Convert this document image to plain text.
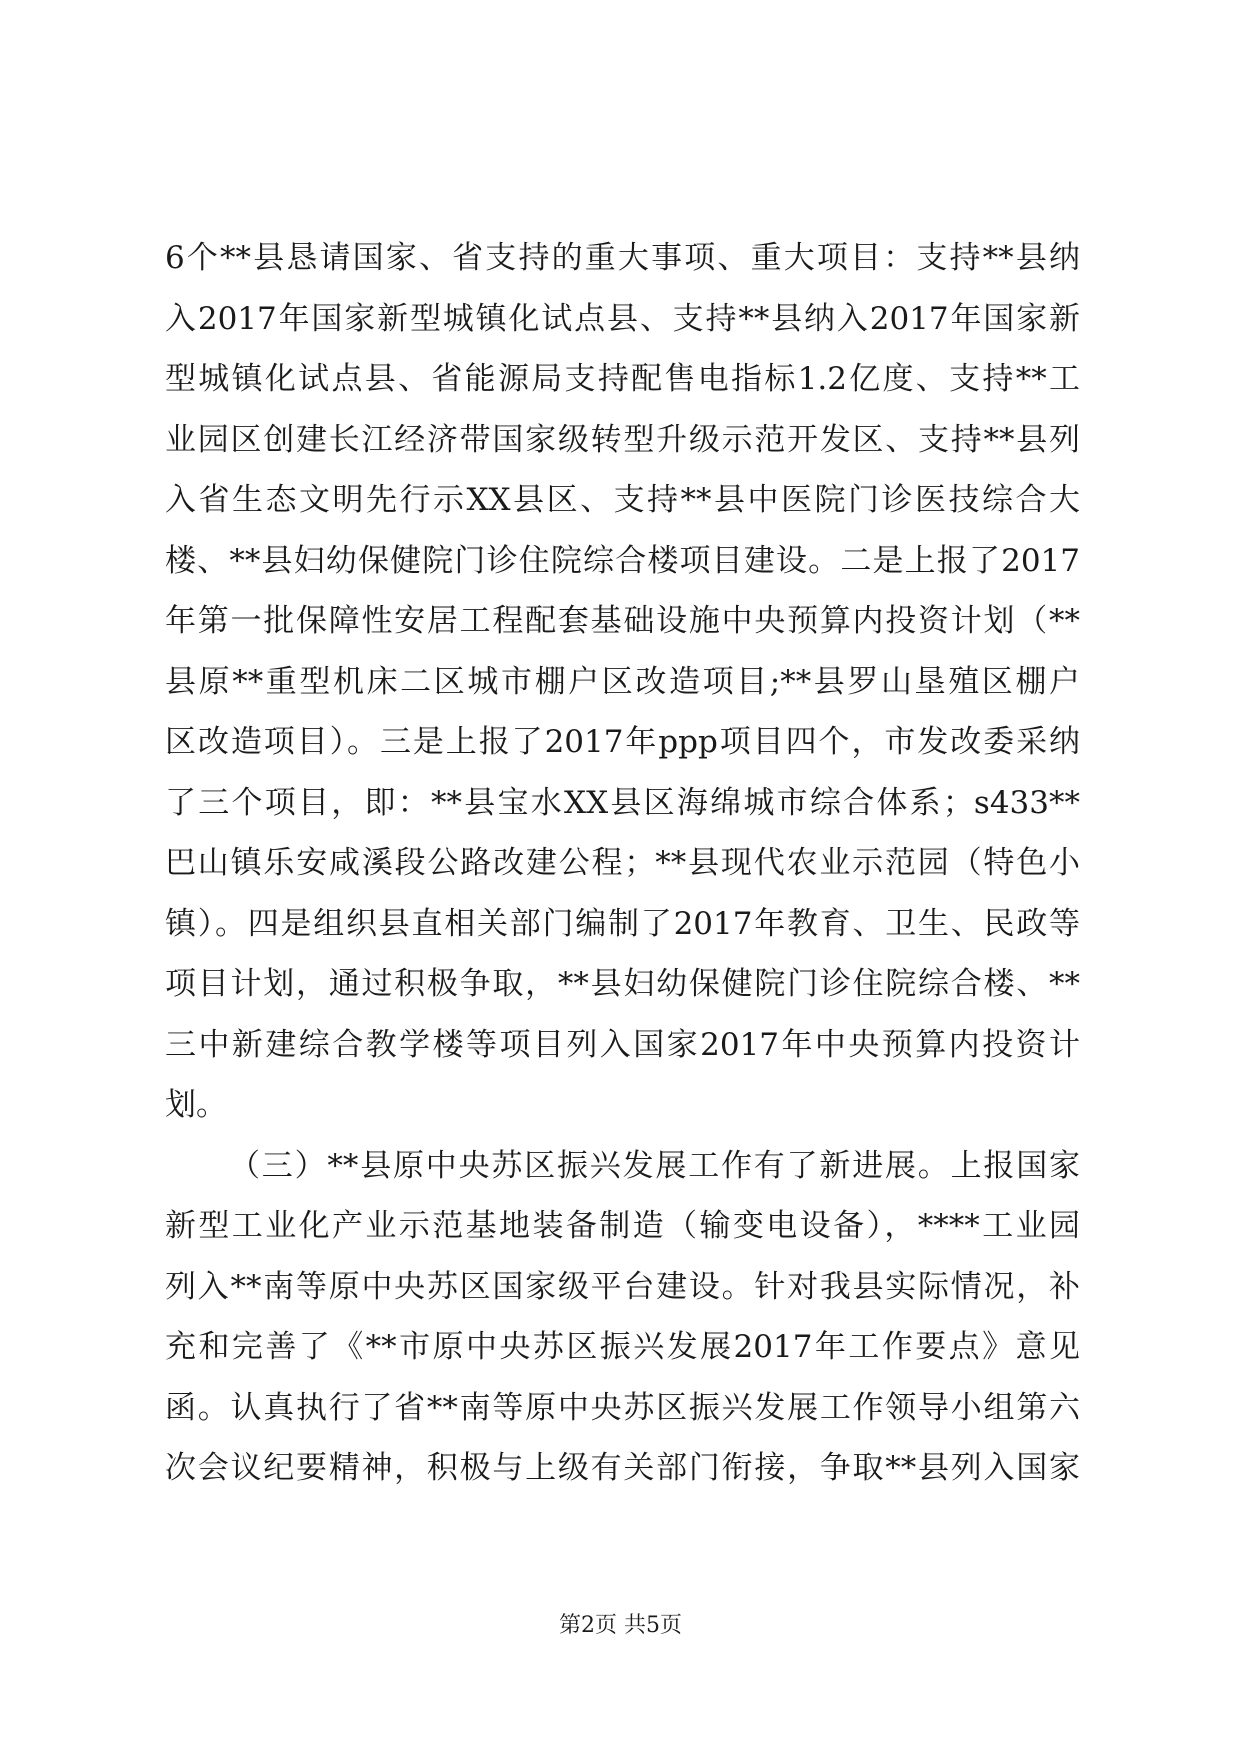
6个**县恳请国家、省支持的重大事项、重大项目：支持**县纳
入2017年国家新型城镇化试点县、支持**县纳入2017年国家新
型城镇化试点县、省能源局支持配售电指标1.2亿度、支持**工
业园区创建长江经济带国家级转型升级示范开发区、支持**县列
入省生态文明先行示XX县区、支持**县中医院门诊医技综合大
楼、**县妇幼保健院门诊住院综合楼项目建设。二是上报了2017
年第一批保障性安居工程配套基础设施中央预算内投资计划（**
县原**重型机床二区城市棚户区改造项目;**县罗山垦殖区棚户
区改造项目）。三是上报了2017年ppp项目四个，市发改委采纳
了三个项目，即：**县宝水XX县区海绵城市综合体系；s433**
巴山镇乐安咸溪段公路改建公程；**县现代农业示范园（特色小
镇）。四是组织县直相关部门编制了2017年教育、卫生、民政等
项目计划，通过积极争取，**县妇幼保健院门诊住院综合楼、**
三中新建综合教学楼等项目列入国家2017年中央预算内投资计
划。
（三）**县原中央苏区振兴发展工作有了新进展。上报国家
新型工业化产业示范基地装备制造（输变电设备），****工业园
列入**南等原中央苏区国家级平台建设。针对我县实际情况，补
充和完善了《**市原中央苏区振兴发展2017年工作要点》意见
函。认真执行了省**南等原中央苏区振兴发展工作领导小组第六
次会议纪要精神，积极与上级有关部门衔接，争取**县列入国家
第2页 共5页
